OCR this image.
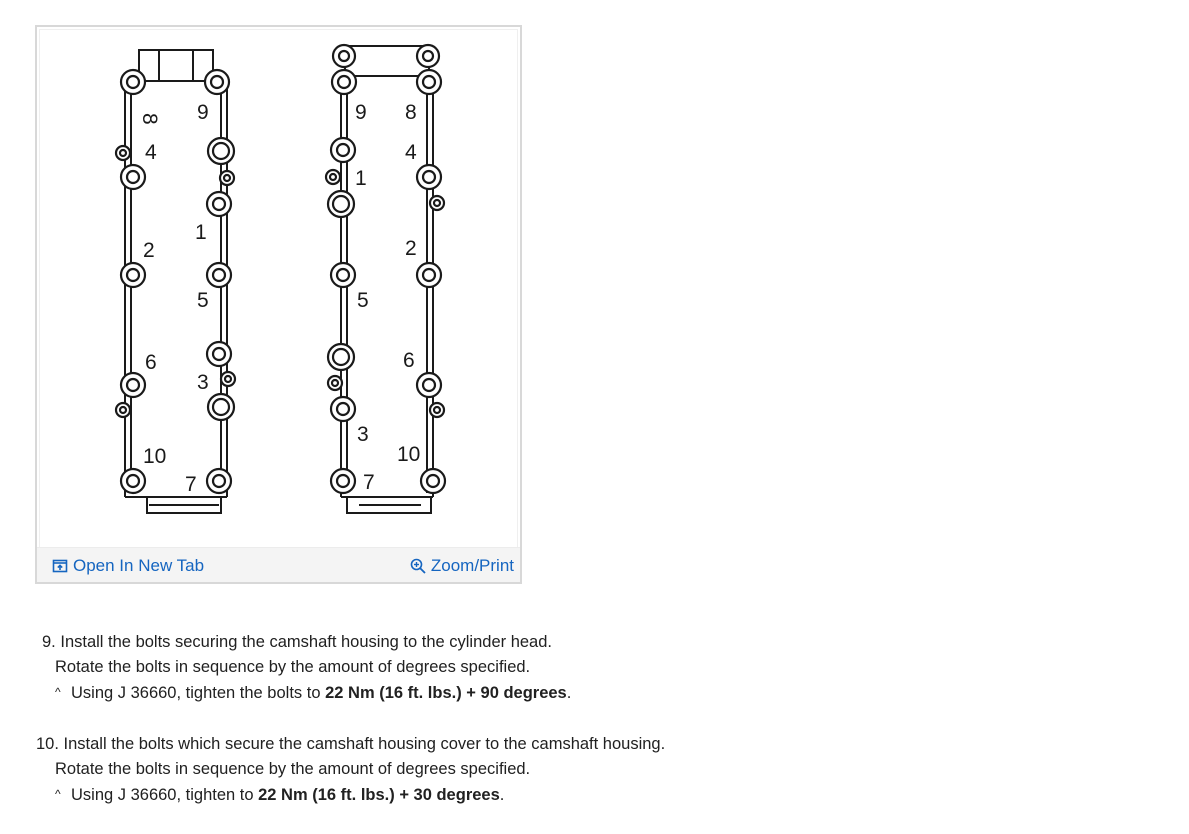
8 9
4
1
2
5
6
3
10
7
9 8
4
1
2
5
6
3
10
7
Open In New Tab	Zoom/Print
9. Install the bolts securing the camshaft housing to the cylinder head.
Rotate the bolts in sequence by the amount of degrees specified.
^ Using J 36660, tighten the bolts to 22 Nm (16 ft. lbs.) + 90 degrees.
10. Install the bolts which secure the camshaft housing cover to the camshaft housing.
Rotate the bolts in sequence by the amount of degrees specified.
^ Using J 36660, tighten to 22 Nm (16 ft. lbs.) + 30 degrees.
